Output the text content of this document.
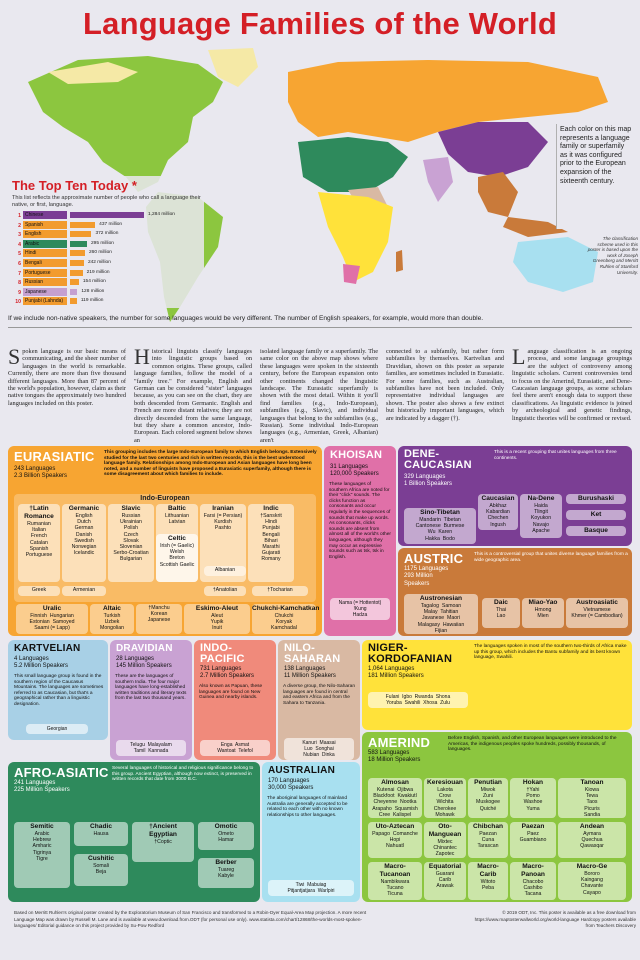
Language Families of the World
Each color on this map represents a language family or superfamily as it was configured prior to the European expansion of the sixteenth century.
The classification scheme used in this poster is based upon the work of Joseph Greenberg and Merritt Ruhlen of Stanford University.
The Top Ten Today *
This list reflects the approximate number of people who call a language their native, or first, language.
1 Chinese	1,284 million
2 Spanish	437 million
3 English	372 million
4 Arabic	295 million
5 Hindi	260 million
6 Bengali	242 million
7 Portuguese	219 million
8 Russian	154 million
9 Japanese	128 million
10 Punjabi (Lahnda)	119 million
If we include non-native speakers, the number for some languages would be very different. The number of English speakers, for example, would more than double.
Spoken language is our basic means of communicating, and the sheer number of languages in the world is remarkable. Currently, there are more than five thousand different languages. More than 87 percent of the world's population, however, claim as their native tongues the approximately two hundred languages included on this poster.
Historical linguists classify languages into linguistic groups based on common origins. These groups, called language families, follow the model of a "family tree." For example, English and German can be considered "sister" languages because, as you can see on the chart, they are both descended from Germanic. English and French are more distant relatives; they are not directly descended from the same language, but they share a common ancestor, Indo-European. Each colored segment below shows an
isolated language family or a superfamily. The same color on the above map shows where these languages were spoken in the sixteenth century, before the European expansion onto other continents changed the linguistic landscape. The Eurasiatic superfamily is shown with the most detail. Within it you'll find families (e.g., Indo-European), subfamilies (e.g., Slavic), and individual languages that belong to the subfamilies (e.g., Russian). Some individual Indo-European languages (e.g., Armenian, Greek, Albanian) aren't
connected to a subfamily, but rather form subfamilies by themselves. Kartvelian and Dravidian, shown on this poster as separate families, are sometimes included in Eurasiatic. For some families, such as Australian, subfamilies have not been included. Only representative individual languages are shown. The poster also shows a few extinct but historically important languages, which are indicated by a dagger (†).
Language classification is an ongoing process, and some language groupings are the subject of controversy among linguistic scholars. Current controversies tend to focus on the Amerind, Eurasiatic, and Dene-Caucasian language groups, as some scholars feel there aren't enough data to support these classifications. As linguistic evidence is joined by archeological and genetic findings, linguistic theories will be confirmed or revised.
EURASIATIC
243 Languages
2.3 Billion Speakers
This grouping includes the large Indo-European family to which English belongs. Extensively studied for the last two centuries and rich in written records, this is the best understood language family. Relationships among Indo-European and Asian languages have long been noted, and a number of linguists have proposed a Eurasiatic superfamily, although there is some disagreement about which families to include.
Indo-European
†Latin
Romance
Rumanian
Italian
French
Catalan
Spanish
Portuguese
Germanic
English
Dutch
German
Danish
Swedish
Norwegian
Icelandic
Slavic
Russian
Ukrainian
Polish
Czech
Slovak
Slovenian
Serbo-Croatian
Bulgarian
Baltic
Lithuanian
Latvian
Iranian
Farsi (= Persian)
Kurdish
Pashto
Indic
†Sanskrit
Hindi
Punjabi
Bengali
Bihari
Marathi
Gujarati
Romany
Greek	Armenian
Celtic
Irish (= Gaelic)
Welsh
Breton
Scottish Gaelic
Albanian
†Anatolian	†Tocharian
Uralic
Finnish  Hungarian
Estonian  Samoyed
Saami (= Lapp)
Altaic
Turkish
Uzbek
Mongolian
†Manchu
Korean
Japanese
Eskimo-Aleut
Aleut
Yupik
Inuit
Chukchi-Kamchatkan
Chukchi
Koryak
Kamchadal
KHOISAN
31 Languages
120,000 Speakers
These languages of southern Africa are noted for their "click" sounds. The clicks function as consonants and occur regularly in the sequences of sounds that make up words. As consonants, clicks sounds are absent from almost all of the world's other languages, although they may occur as expressive sounds such as tsk, tsk in English.
Nama (= Hottentot)
!Kung
Hadza
DENE-CAUCASIAN
329 Languages
1 Billion Speakers
This is a recent grouping that unites languages from three continents.
Sino-Tibetan
Mandarin  Tibetan
Cantonese  Burmese
Wu  Karen
Hakka  Bodo
Caucasian
Abkhaz
Kabardian
Chechen
Ingush
Na-Dene
Haida
Tlingit
Koyukon
Navajo
Apache
Burushaski
Ket
Basque
AUSTRIC
1175 Languages
293 Million
Speakers
This is a controversial group that unites diverse language families from a wide geographic area.
Austronesian
Tagalog  Samoan
Malay  Tahitian
Javanese  Maori
Malagasy  Hawaiian
Fijian
Daic
Thai
Lao
Miao-Yao
Hmong
Mien
Austroasiatic
Vietnamese
Khmer (= Cambodian)
KARTVELIAN
4 Languages
5.2 Million Speakers
This small language group is found in the southern region of the Caucasus Mountains. The languages are sometimes referred to as Caucasian, but that's a geographical rather than a linguistic designation.
Georgian
DRAVIDIAN
28 Languages
145 Million Speakers
These are the languages of southern India. The four major languages have long-established written traditions and literary texts from the last two thousand years.
Telugu  Malayalam
Tamil  Kannada
INDO-
PACIFIC
731 Languages
2.7 Million Speakers
Also known as Papuan, these languages are found on New Guinea and nearby islands.
Enga  Asmat
Wantoat  Telefol
NILO-
SAHARAN
138 Languages
11 Million Speakers
A diverse group, the Nilo-Saharan languages are found in central and eastern Africa and from the Sahara to Tanzania.
Kanuri  Maasai
Luo  Songhai
Nubian  Dinka
NIGER-
KORDOFANIAN
1,064 Languages
181 Million Speakers
The languages spoken in most of the southern two-thirds of Africa make up this group, which includes the Bantu subfamily and its best known language, Swahili.
Fulani  Igbo  Rwanda  Shona
Yoruba  Swahili  Xhosa  Zulu
AMERIND
583 Languages
18 Million Speakers
Before English, Spanish, and other European languages were introduced to the Americas, the indigenous peoples spoke hundreds, possibly thousands, of languages.
Almosan
Kutenai  Ojibwa
Blackfoot  Kwakiutl
Cheyenne  Nootka
Arapaho  Squamish
Cree  Kalispel
Keresiouan
Lakota
Crow
Wichita
Cherokee
Mohawk
Penutian
Miwok
Zuni
Muskogee
Quiché
Hokan
†Yahi
Pomo
Washoe
Yuma
Tanoan
Kiowa
Tewa
Taos
Picuris
Sandia
Uto-Aztecan
Papago  Comanche
Hopi
Nahuatl
Oto-
Manguean
Mixtec
Chinantec
Zapotec
Chibchan
Paezan
Cuna
Tarascan
Paezan
Paez
Guambiano
Andean
Aymara
Quechua
Qawasqar
Macro-
Tucanoan
Nambikwara
Tucano
Ticuna
Equatorial
Guarani
Carib
Arawak
Macro-
Carib
Witoto
Peba
Macro-
Panoan
Chacobo
Cashibo
Tacana
Macro-Ge
Bororo
Kaingang
Chavante
Cayapo
AFRO-ASIATIC
241 Languages
225 Million Speakers
Several languages of historical and religious significance belong to this group. Ancient Egyptian, although now extinct, is preserved in written records that date from 3000 B.C.
Semitic
Arabic
Hebrew
Amharic
Tigrinya
Tigre
Chadic
Hausa
†Ancient
Egyptian
†Coptic
Omotic
Ometo
Hamar
Cushitic
Somali
Beja
Berber
Tuareg
Kabyle
AUSTRALIAN
170 Languages
30,000 Speakers
The aboriginal languages of mainland Australia are generally accepted to be related to each other with no known relationships to other languages.
Tiwi  Mabuiag
Pitjantjatjara  Warlpiri
Based on Merritt Ruhlen's original poster created by the Exploratorium Museum of San Francisco and transformed to a Robin-Dyer Equal-Area Map projection. A more recent Language Map was drawn by Russell M. Lane and is available at www.download.from.ODT (for personal use only). www.statista.com/chart/12868/the-worlds-most-spoken-languages/ Editorial guidance on this project provided by Su-Pow Redford
© 2019 ODT, Inc. This poster is available as a free download from https://www.maptosterwallworld.org/world-language Hardcopy posters available from Teachers Discovery
